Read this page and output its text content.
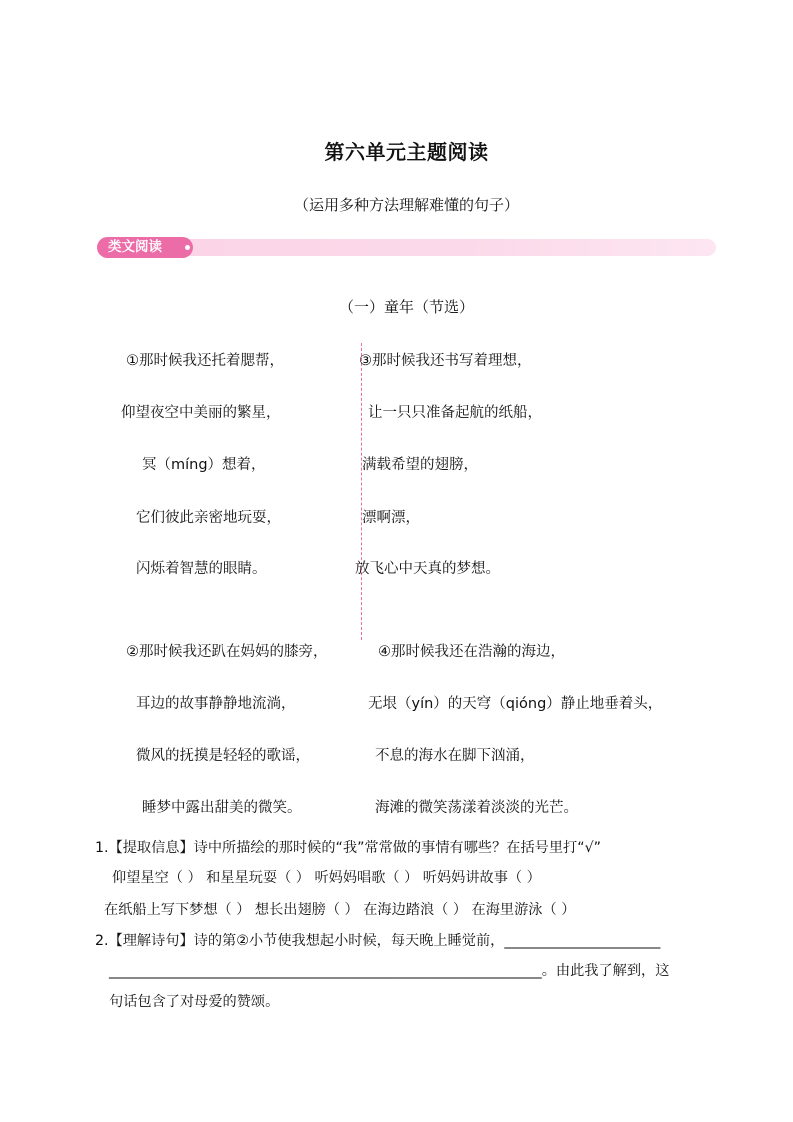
第六单元主题阅读
（运用多种方法理解难懂的句子）
类文阅读
（一）童年（节选）
①那时候我还托着腮帮，
仰望夜空中美丽的繁星，
冥（míng）想着，
它们彼此亲密地玩耍，
闪烁着智慧的眼睛。
③那时候我还书写着理想，
让一只只准备起航的纸船，
满载希望的翅膀，
漂啊漂，
放飞心中天真的梦想。
②那时候我还趴在妈妈的膝旁，
耳边的故事静静地流淌，
微风的抚摸是轻轻的歌谣，
睡梦中露出甜美的微笑。
④那时候我还在浩瀚的海边，
无垠（yín）的天穹（qióng）静止地垂着头，
不息的海水在脚下汹涌，
海滩的微笑荡漾着淡淡的光芒。
1.【提取信息】诗中所描绘的那时候的“我”常常做的事情有哪些？在括号里打“√”
仰望星空（ ） 和星星玩耍（ ） 听妈妈唱歌（ ） 听妈妈讲故事（ ）
在纸船上写下梦想（ ） 想长出翅膀（ ） 在海边踏浪（ ） 在海里游泳（ ）
2.【理解诗句】诗的第②小节使我想起小时候，每天晚上睡觉前，______________________
_____________________________________________________________。由此我了解到，这
句话包含了对母爱的赞颂。
